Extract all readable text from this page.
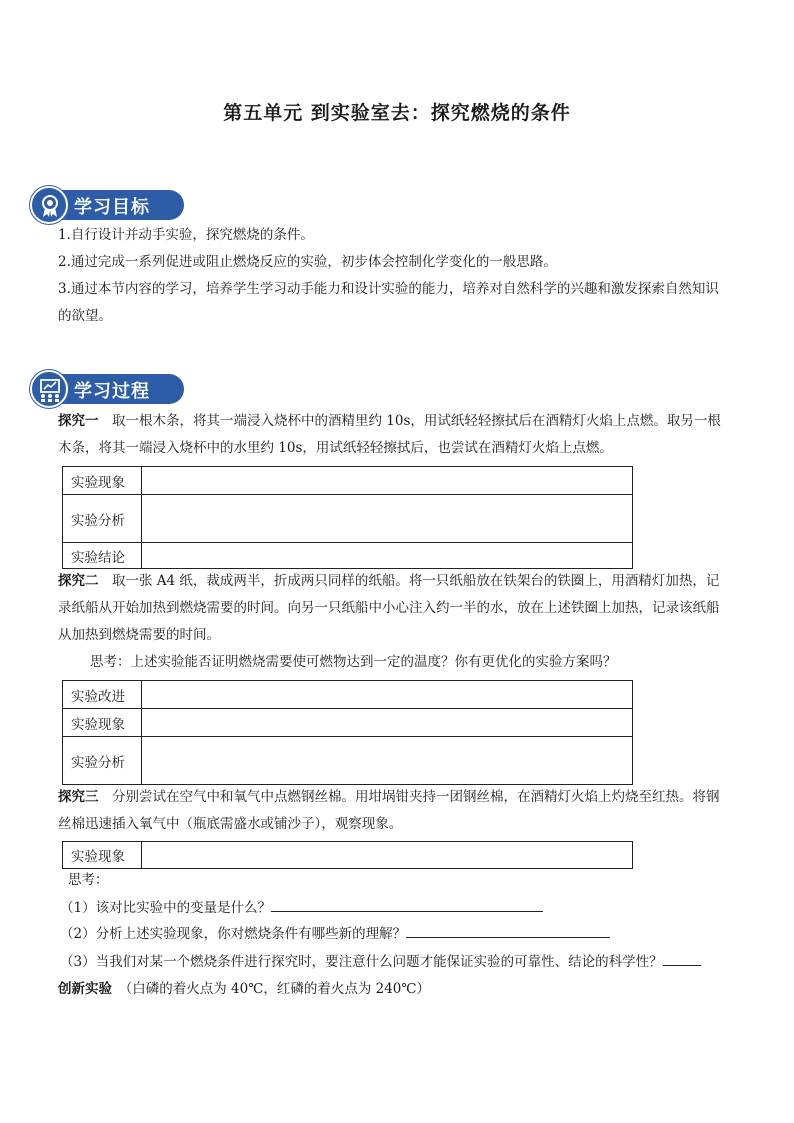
第五单元 到实验室去：探究燃烧的条件
学习目标
1.自行设计并动手实验，探究燃烧的条件。
2.通过完成一系列促进或阻止燃烧反应的实验，初步体会控制化学变化的一般思路。
3.通过本节内容的学习，培养学生学习动手能力和设计实验的能力，培养对自然科学的兴趣和激发探索自然知识的欲望。
学习过程
探究一　取一根木条，将其一端浸入烧杯中的酒精里约 10s，用试纸轻轻擦拭后在酒精灯火焰上点燃。取另一根木条，将其一端浸入烧杯中的水里约 10s，用试纸轻轻擦拭后，也尝试在酒精灯火焰上点燃。
实验现象	
实验分析	
实验结论	
探究二　取一张 A4 纸，裁成两半，折成两只同样的纸船。将一只纸船放在铁架台的铁圈上，用酒精灯加热，记录纸船从开始加热到燃烧需要的时间。向另一只纸船中小心注入约一半的水，放在上述铁圈上加热，记录该纸船从加热到燃烧需要的时间。
思考：上述实验能否证明燃烧需要使可燃物达到一定的温度？你有更优化的实验方案吗？
实验改进	
实验现象	
实验分析	
探究三　分别尝试在空气中和氧气中点燃钢丝棉。用坩埚钳夹持一团钢丝棉，在酒精灯火焰上灼烧至红热。将钢丝棉迅速插入氧气中（瓶底需盛水或铺沙子），观察现象。
实验现象	
思考：
（1）该对比实验中的变量是什么？
（2）分析上述实验现象，你对燃烧条件有哪些新的理解？
（3）当我们对某一个燃烧条件进行探究时，要注意什么问题才能保证实验的可靠性、结论的科学性？
创新实验　（白磷的着火点为 40℃，红磷的着火点为 240℃）
